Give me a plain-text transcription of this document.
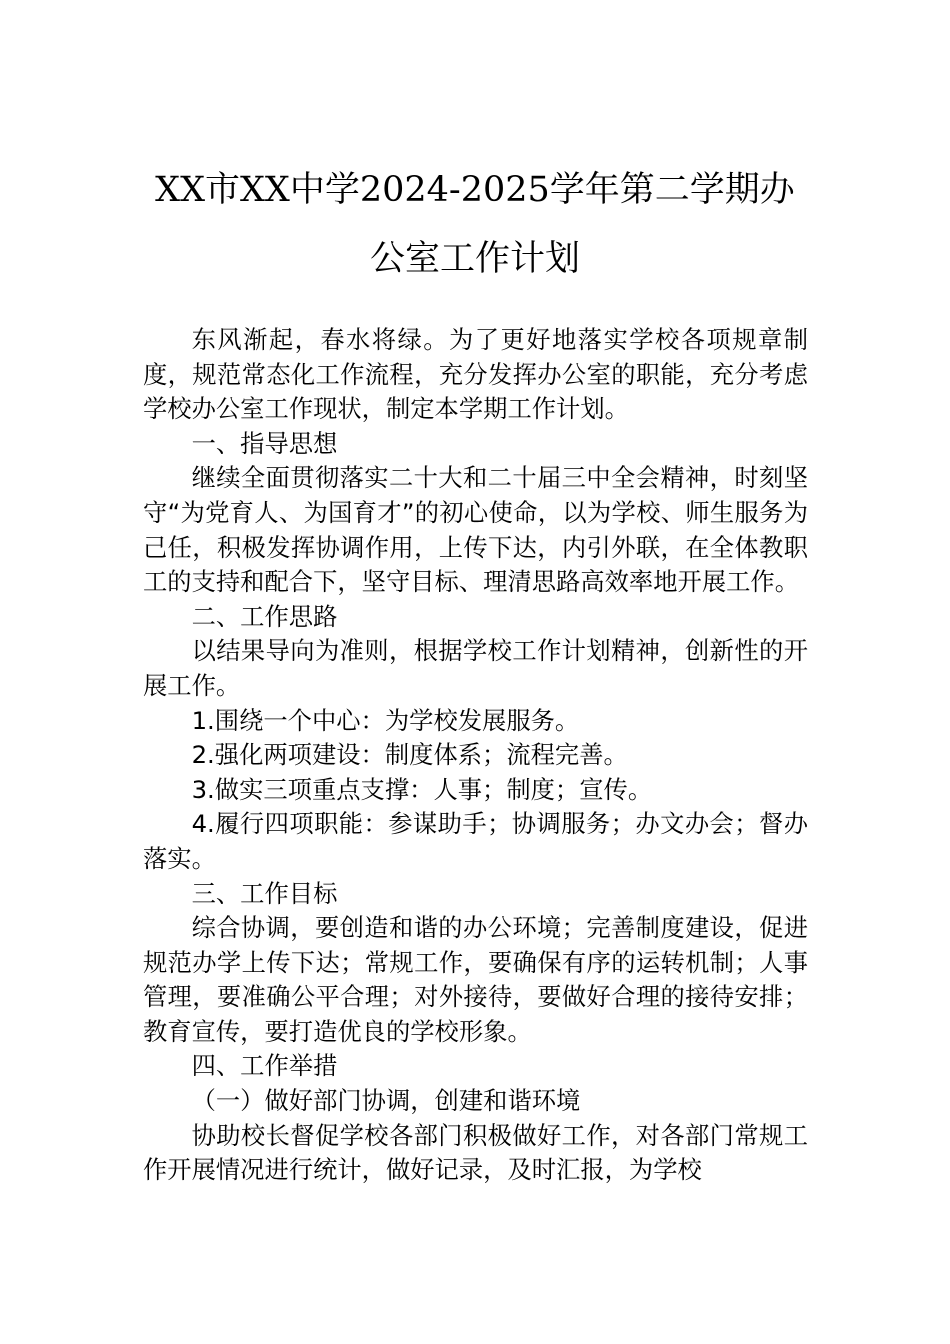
XX市XX中学2024-2025学年第二学期办
公室工作计划

东风渐起，春水将绿。为了更好地落实学校各项规章制度，规范常态化工作流程，充分发挥办公室的职能，充分考虑学校办公室工作现状，制定本学期工作计划。

一、指导思想

继续全面贯彻落实二十大和二十届三中全会精神，时刻坚守“为党育人、为国育才”的初心使命，以为学校、师生服务为己任，积极发挥协调作用，上传下达，内引外联，在全体教职工的支持和配合下，坚守目标、理清思路高效率地开展工作。

二、工作思路

以结果导向为准则，根据学校工作计划精神，创新性的开展工作。

1.围绕一个中心：为学校发展服务。

2.强化两项建设：制度体系；流程完善。

3.做实三项重点支撑：人事；制度；宣传。

4.履行四项职能：参谋助手；协调服务；办文办会；督办落实。

三、工作目标

综合协调，要创造和谐的办公环境；完善制度建设，促进规范办学上传下达；常规工作，要确保有序的运转机制；人事管理，要准确公平合理；对外接待，要做好合理的接待安排；教育宣传，要打造优良的学校形象。

四、工作举措

（一）做好部门协调，创建和谐环境

协助校长督促学校各部门积极做好工作，对各部门常规工作开展情况进行统计，做好记录，及时汇报，为学校
